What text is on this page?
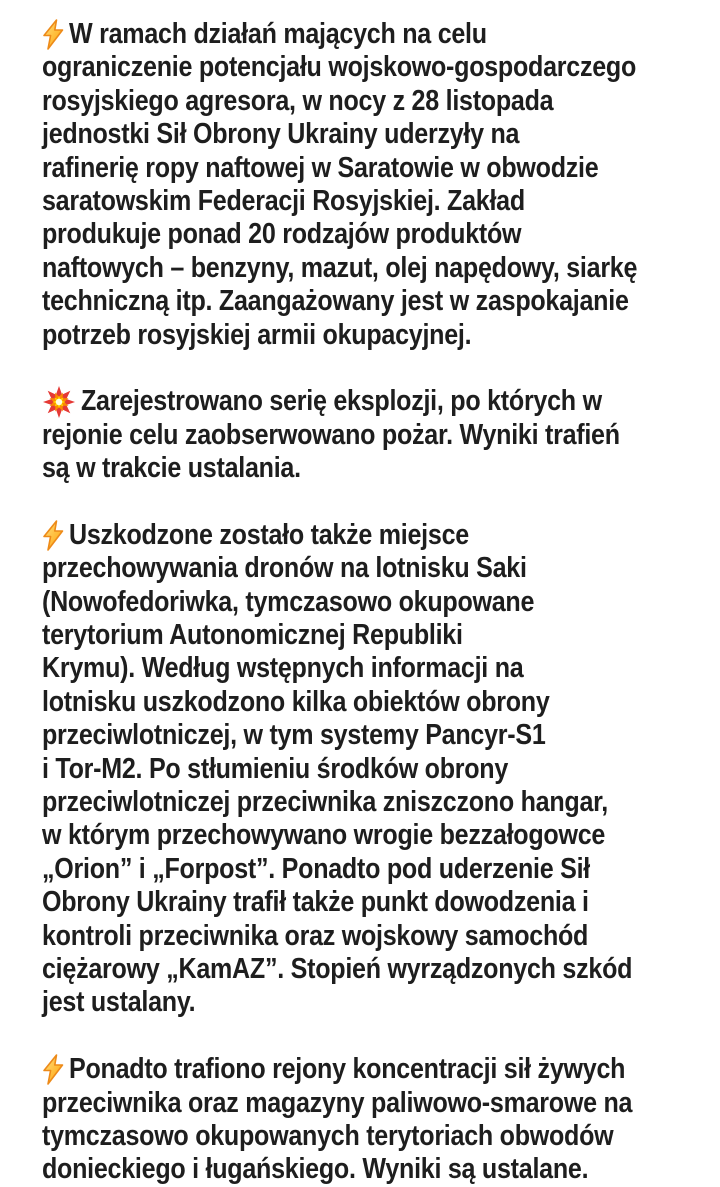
W ramach działań mających na celu
ograniczenie potencjału wojskowo-gospodarczego
rosyjskiego agresora, w nocy z 28 listopada
jednostki Sił Obrony Ukrainy uderzyły na
rafinerię ropy naftowej w Saratowie w obwodzie
saratowskim Federacji Rosyjskiej. Zakład
produkuje ponad 20 rodzajów produktów
naftowych – benzyny, mazut, olej napędowy, siarkę
techniczną itp. Zaangażowany jest w zaspokajanie
potrzeb rosyjskiej armii okupacyjnej.
Zarejestrowano serię eksplozji, po których w
rejonie celu zaobserwowano pożar. Wyniki trafień
są w trakcie ustalania.
Uszkodzone zostało także miejsce
przechowywania dronów na lotnisku Saki
(Nowofedoriwka, tymczasowo okupowane
terytorium Autonomicznej Republiki
Krymu). Według wstępnych informacji na
lotnisku uszkodzono kilka obiektów obrony
przeciwlotniczej, w tym systemy Pancyr-S1
i Tor-M2. Po stłumieniu środków obrony
przeciwlotniczej przeciwnika zniszczono hangar,
w którym przechowywano wrogie bezzałogowce
„Orion” i „Forpost”. Ponadto pod uderzenie Sił
Obrony Ukrainy trafił także punkt dowodzenia i
kontroli przeciwnika oraz wojskowy samochód
ciężarowy „KamAZ”. Stopień wyrządzonych szkód
jest ustalany.
Ponadto trafiono rejony koncentracji sił żywych
przeciwnika oraz magazyny paliwowo-smarowe na
tymczasowo okupowanych terytoriach obwodów
donieckiego i ługańskiego. Wyniki są ustalane.
